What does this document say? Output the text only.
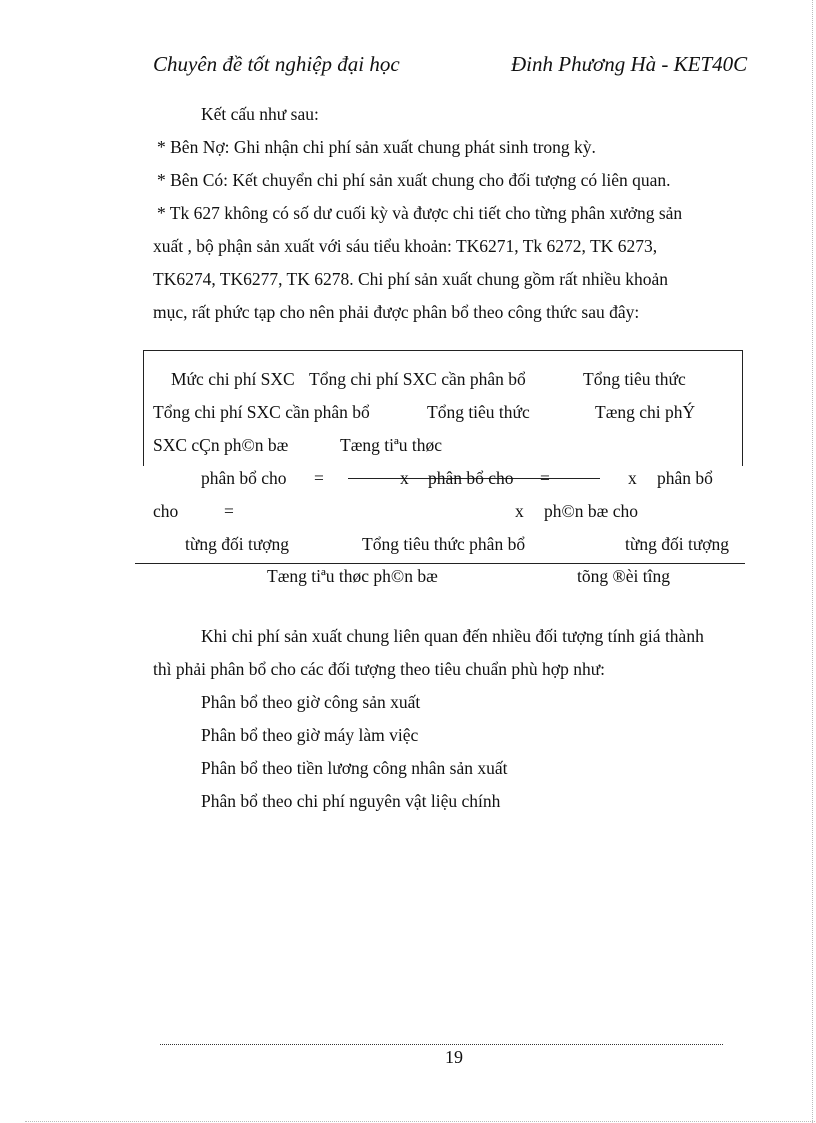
Chuyên đề tốt nghiệp đại học	Đinh Phương Hà - KET40C
Kết cấu như sau:
* Bên Nợ: Ghi nhận chi phí sản xuất chung phát sinh trong kỳ.
* Bên Có: Kết chuyển chi phí sản xuất chung cho đối tượng có liên quan.
* Tk 627 không có số dư cuối kỳ và được chi tiết cho từng phân xưởng sản
xuất , bộ phận sản xuất với sáu tiểu khoản: TK6271, Tk 6272, TK 6273,
TK6274, TK6277, TK 6278. Chi phí sản xuất chung gồm rất nhiều khoản
mục, rất phức tạp cho nên phải được phân bổ theo công thức sau đây:
Mức chi phí SXC Tổng chi phí SXC cần phân bổ	Tổng tiêu thức
Tổng chi phí SXC cần phân bổ	Tổng tiêu thức	Tæng chi phÝ
SXC cÇn ph©n bæ	Tæng tiªu thøc
phân bổ cho =	x phân bổ cho =	x phân bổ
cho	=	x ph©n bæ cho
từng đối tượng	Tổng tiêu thức phân bổ	từng đối tượng
Tæng tiªu thøc ph©n bæ	tõng ®èi tîng
Khi chi phí sản xuất chung liên quan đến nhiều đối tượng tính giá thành
thì phải phân bổ cho các đối tượng theo tiêu chuẩn phù hợp như:
Phân bổ theo giờ công sản xuất
Phân bổ theo giờ máy làm việc
Phân bổ theo tiền lương công nhân sản xuất
Phân bổ theo chi phí nguyên vật liệu chính
19
